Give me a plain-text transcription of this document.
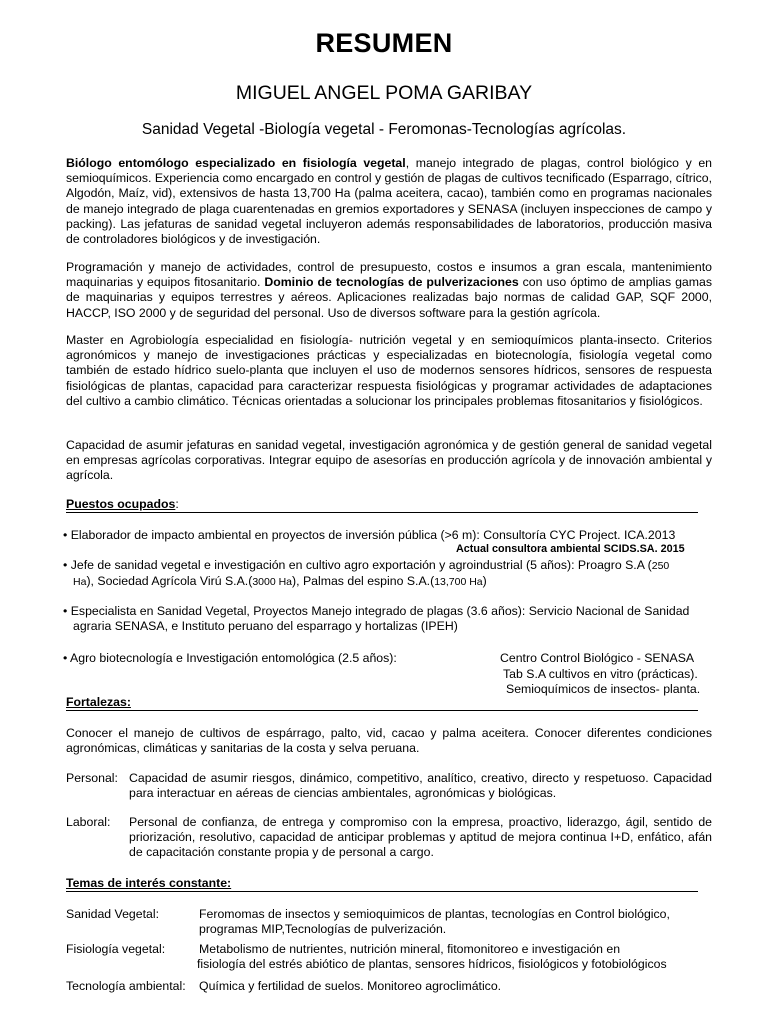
RESUMEN

MIGUEL ANGEL POMA GARIBAY

Sanidad Vegetal -Biología vegetal - Feromonas-Tecnologías agrícolas.

Biólogo entomólogo especializado en fisiología vegetal, manejo integrado de plagas, control biológico y en semioquímicos. Experiencia como encargado en control y gestión de plagas de cultivos tecnificado (Esparrago, cítrico, Algodón, Maíz, vid), extensivos de hasta 13,700 Ha (palma aceitera, cacao), también como en programas nacionales de manejo integrado de plaga cuarentenadas en gremios exportadores y SENASA (incluyen inspecciones de campo y packing). Las jefaturas de sanidad vegetal incluyeron además responsabilidades de laboratorios, producción masiva de controladores biológicos y de investigación.

Programación y manejo de actividades, control de presupuesto, costos e insumos a gran escala, mantenimiento maquinarias y equipos fitosanitario. Dominio de tecnologías de pulverizaciones con uso óptimo de amplias gamas de maquinarias y equipos terrestres y aéreos. Aplicaciones realizadas bajo normas de calidad GAP, SQF 2000, HACCP, ISO 2000 y de seguridad del personal. Uso de diversos software para la gestión agrícola.

Master en Agrobiología especialidad en fisiología- nutrición vegetal y en semioquímicos planta-insecto. Criterios agronómicos y manejo de investigaciones prácticas y especializadas en biotecnología, fisiología vegetal como también de estado hídrico suelo-planta que incluyen el uso de modernos sensores hídricos, sensores de respuesta fisiológicas de plantas, capacidad para caracterizar respuesta fisiológicas y programar actividades de adaptaciones del cultivo a cambio climático. Técnicas orientadas a solucionar los principales problemas fitosanitarios y fisiológicos.

Capacidad de asumir jefaturas en sanidad vegetal, investigación agronómica y de gestión general de sanidad vegetal en empresas agrícolas corporativas. Integrar equipo de asesorías en producción agrícola y de innovación ambiental y agrícola.

Puestos ocupados:

• Elaborador de impacto ambiental en proyectos de inversión pública (>6 m): Consultoría CYC Project. ICA.2013

Actual consultora ambiental SCIDS.SA. 2015

• Jefe de sanidad vegetal e investigación en cultivo agro exportación y agroindustrial (5 años): Proagro S.A (250
Ha), Sociedad Agrícola Virú S.A.(3000 Ha), Palmas del espino S.A.(13,700 Ha)

• Especialista en Sanidad Vegetal, Proyectos Manejo integrado de plagas (3.6 años): Servicio Nacional de Sanidad
agraria SENASA, e Instituto peruano del esparrago y hortalizas (IPEH)

• Agro biotecnología e Investigación entomológica (2.5 años):	Centro Control Biológico - SENASA
Tab S.A cultivos en vitro (prácticas).
Semioquímicos de insectos- planta.
Fortalezas:

Conocer el manejo de cultivos de espárrago, palto, vid, cacao y palma aceitera. Conocer diferentes condiciones agronómicas, climáticas y sanitarias de la costa y selva peruana.

Personal: Capacidad de asumir riesgos, dinámico, competitivo, analítico, creativo, directo y respetuoso. Capacidad para interactuar en aéreas de ciencias ambientales, agronómicas y biológicas.
Laboral: Personal de confianza, de entrega y compromiso con la empresa, proactivo, liderazgo, ágil, sentido de priorización, resolutivo, capacidad de anticipar problemas y aptitud de mejora continua I+D, enfático, afán de capacitación constante propia y de personal a cargo.
Temas de interés constante:
Sanidad Vegetal:	Feromomas de insectos y semioquimicos de plantas, tecnologías en Control biológico,
programas MIP,Tecnologías de pulverización.
Fisiología vegetal:	Metabolismo de nutrientes, nutrición mineral, fitomonitoreo e investigación en
fisiología del estrés abiótico de plantas, sensores hídricos, fisiológicos y fotobiológicos
Tecnología ambiental: Química y fertilidad de suelos. Monitoreo agroclimático.
